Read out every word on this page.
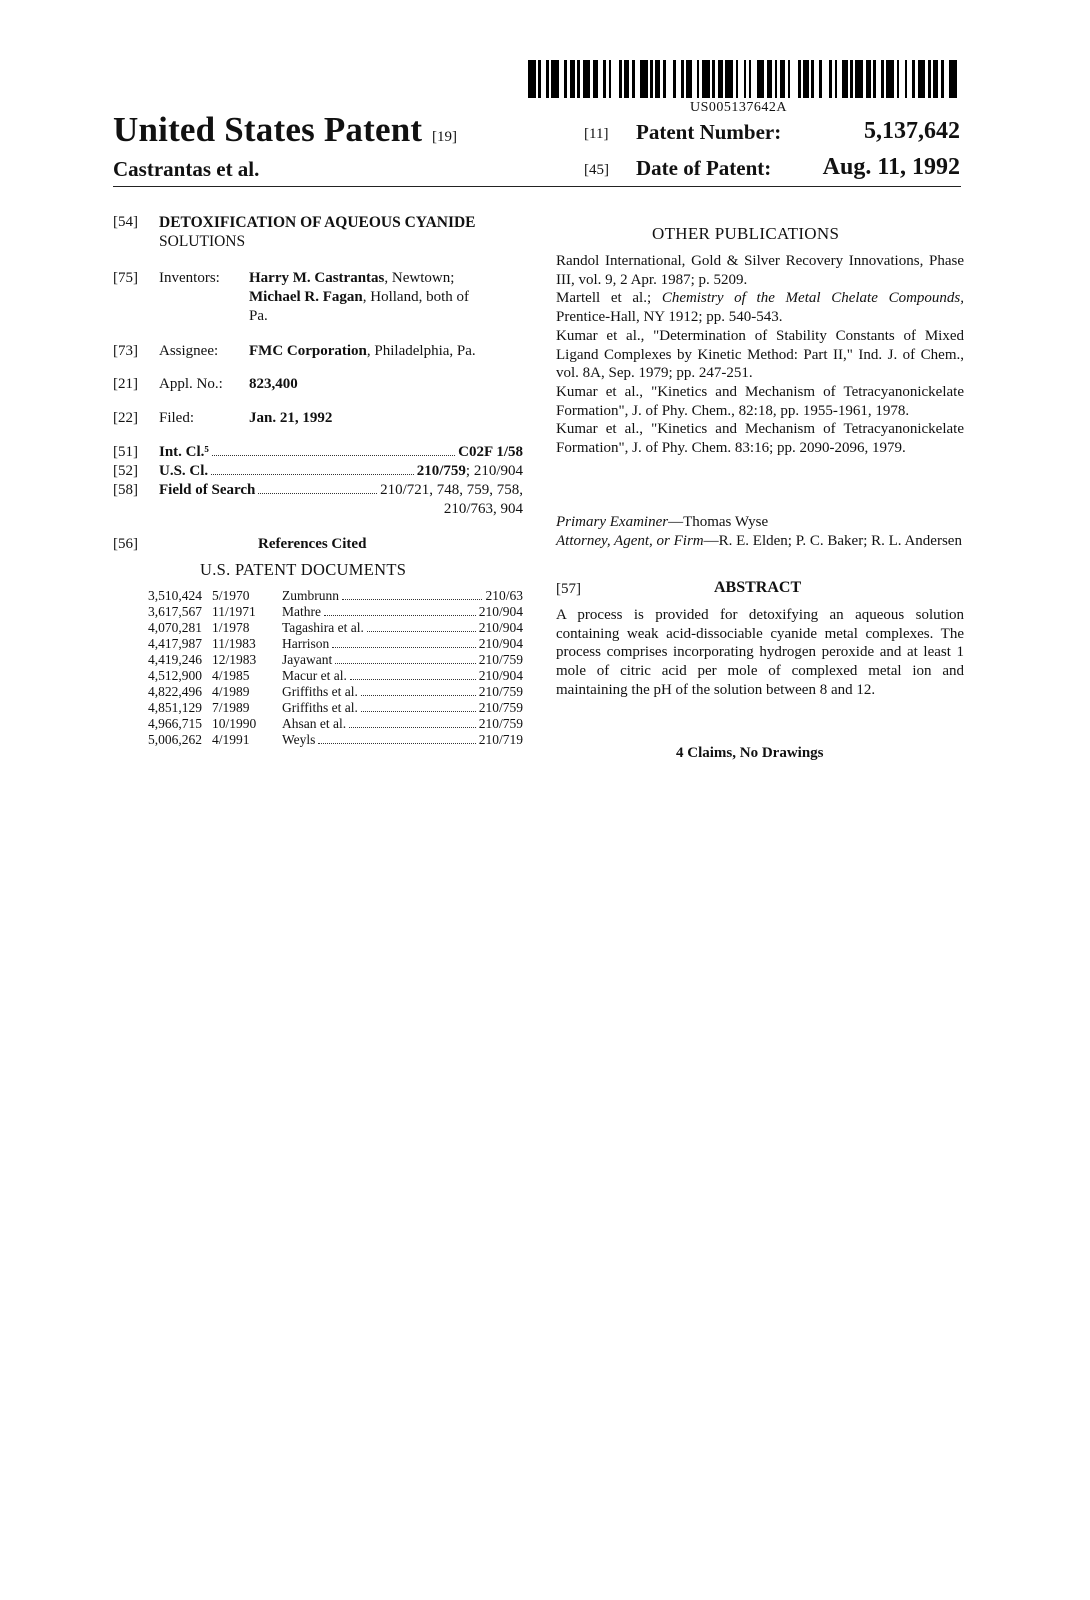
US005137642A
United States Patent [19]
Castrantas et al.
[11] Patent Number:	5,137,642
[45] Date of Patent: Aug. 11, 1992
[54] DETOXIFICATION OF AQUEOUS CYANIDE
SOLUTIONS
[75] Inventors: Harry M. Castrantas, Newtown;
Michael R. Fagan, Holland, both of
Pa.
[73] Assignee: FMC Corporation, Philadelphia, Pa.
[21] Appl. No.: 823,400
[22] Filed:	Jan. 21, 1992
[51] Int. Cl.⁵	C02F 1/58
[52] U.S. Cl.	210/759; 210/904
[58] Field of Search	210/721, 748, 759, 758,
210/763, 904
[56]	References Cited
U.S. PATENT DOCUMENTS
3,510,424 5/1970	Zumbrunn	210/63
3,617,567 11/1971	Mathre	210/904
4,070,281 1/1978	Tagashira et al.	210/904
4,417,987 11/1983	Harrison	210/904
4,419,246 12/1983	Jayawant	210/759
4,512,900 4/1985	Macur et al.	210/904
4,822,496 4/1989	Griffiths et al.	210/759
4,851,129 7/1989	Griffiths et al.	210/759
4,966,715 10/1990	Ahsan et al.	210/759
5,006,262 4/1991	Weyls	210/719
OTHER PUBLICATIONS

Randol International, Gold & Silver Recovery Innovations, Phase III, vol. 9, 2 Apr. 1987; p. 5209.

Martell et al.; Chemistry of the Metal Chelate Compounds, Prentice-Hall, NY 1912; pp. 540-543.

Kumar et al., "Determination of Stability Constants of Mixed Ligand Complexes by Kinetic Method: Part II," Ind. J. of Chem., vol. 8A, Sep. 1979; pp. 247-251.

Kumar et al., "Kinetics and Mechanism of Tetracyanonickelate Formation", J. of Phy. Chem., 82:18, pp. 1955-1961, 1978.

Kumar et al., "Kinetics and Mechanism of Tetracyanonickelate Formation", J. of Phy. Chem. 83:16; pp. 2090-2096, 1979.

Primary Examiner—Thomas Wyse
Attorney, Agent, or Firm—R. E. Elden; P. C. Baker; R. L. Andersen
[57]	ABSTRACT
A process is provided for detoxifying an aqueous solution containing weak acid-dissociable cyanide metal complexes. The process comprises incorporating hydrogen peroxide and at least 1 mole of citric acid per mole of complexed metal ion and maintaining the pH of the solution between 8 and 12.
4 Claims, No Drawings
